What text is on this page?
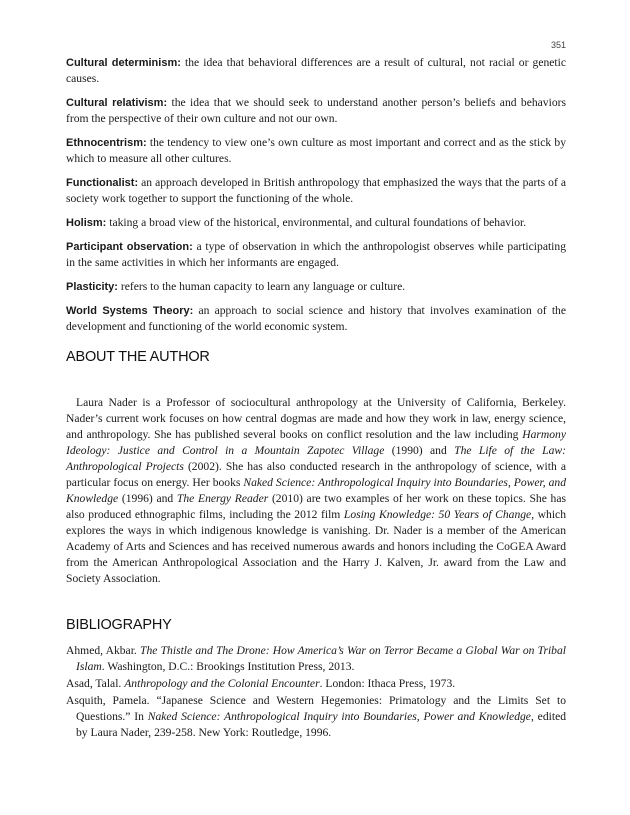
351

Cultural determinism: the idea that behavioral differences are a result of cultural, not racial or genetic causes.

Cultural relativism: the idea that we should seek to understand another person’s beliefs and behaviors from the perspective of their own culture and not our own.

Ethnocentrism: the tendency to view one’s own culture as most important and correct and as the stick by which to measure all other cultures.

Functionalist: an approach developed in British anthropology that emphasized the ways that the parts of a society work together to support the functioning of the whole.

Holism: taking a broad view of the historical, environmental, and cultural foundations of behavior.

Participant observation: a type of observation in which the anthropologist observes while participating in the same activities in which her informants are engaged.

Plasticity: refers to the human capacity to learn any language or culture.

World Systems Theory: an approach to social science and history that involves examination of the development and functioning of the world economic system.

ABOUT THE AUTHOR

Laura Nader is a Professor of sociocultural anthropology at the University of California, Berkeley. Nader’s current work focuses on how central dogmas are made and how they work in law, energy science, and anthropology. She has published several books on conflict resolution and the law including Harmony Ideology: Justice and Control in a Mountain Zapotec Village (1990) and The Life of the Law: Anthropological Projects (2002). She has also conducted research in the anthropology of science, with a particular focus on energy. Her books Naked Science: Anthropological Inquiry into Boundaries, Power, and Knowledge (1996) and The Energy Reader (2010) are two examples of her work on these topics. She has also produced ethnographic films, including the 2012 film Losing Knowledge: 50 Years of Change, which explores the ways in which indigenous knowledge is vanishing. Dr. Nader is a member of the American Academy of Arts and Sciences and has received numerous awards and honors including the CoGEA Award from the American Anthropological Association and the Harry J. Kalven, Jr. award from the Law and Society Association.

BIBLIOGRAPHY

Ahmed, Akbar. The Thistle and The Drone: How America’s War on Terror Became a Global War on Tribal Islam. Washington, D.C.: Brookings Institution Press, 2013.

Asad, Talal. Anthropology and the Colonial Encounter. London: Ithaca Press, 1973.

Asquith, Pamela. “Japanese Science and Western Hegemonies: Primatology and the Limits Set to Questions.” In Naked Science: Anthropological Inquiry into Boundaries, Power and Knowledge, edited by Laura Nader, 239-258. New York: Routledge, 1996.
